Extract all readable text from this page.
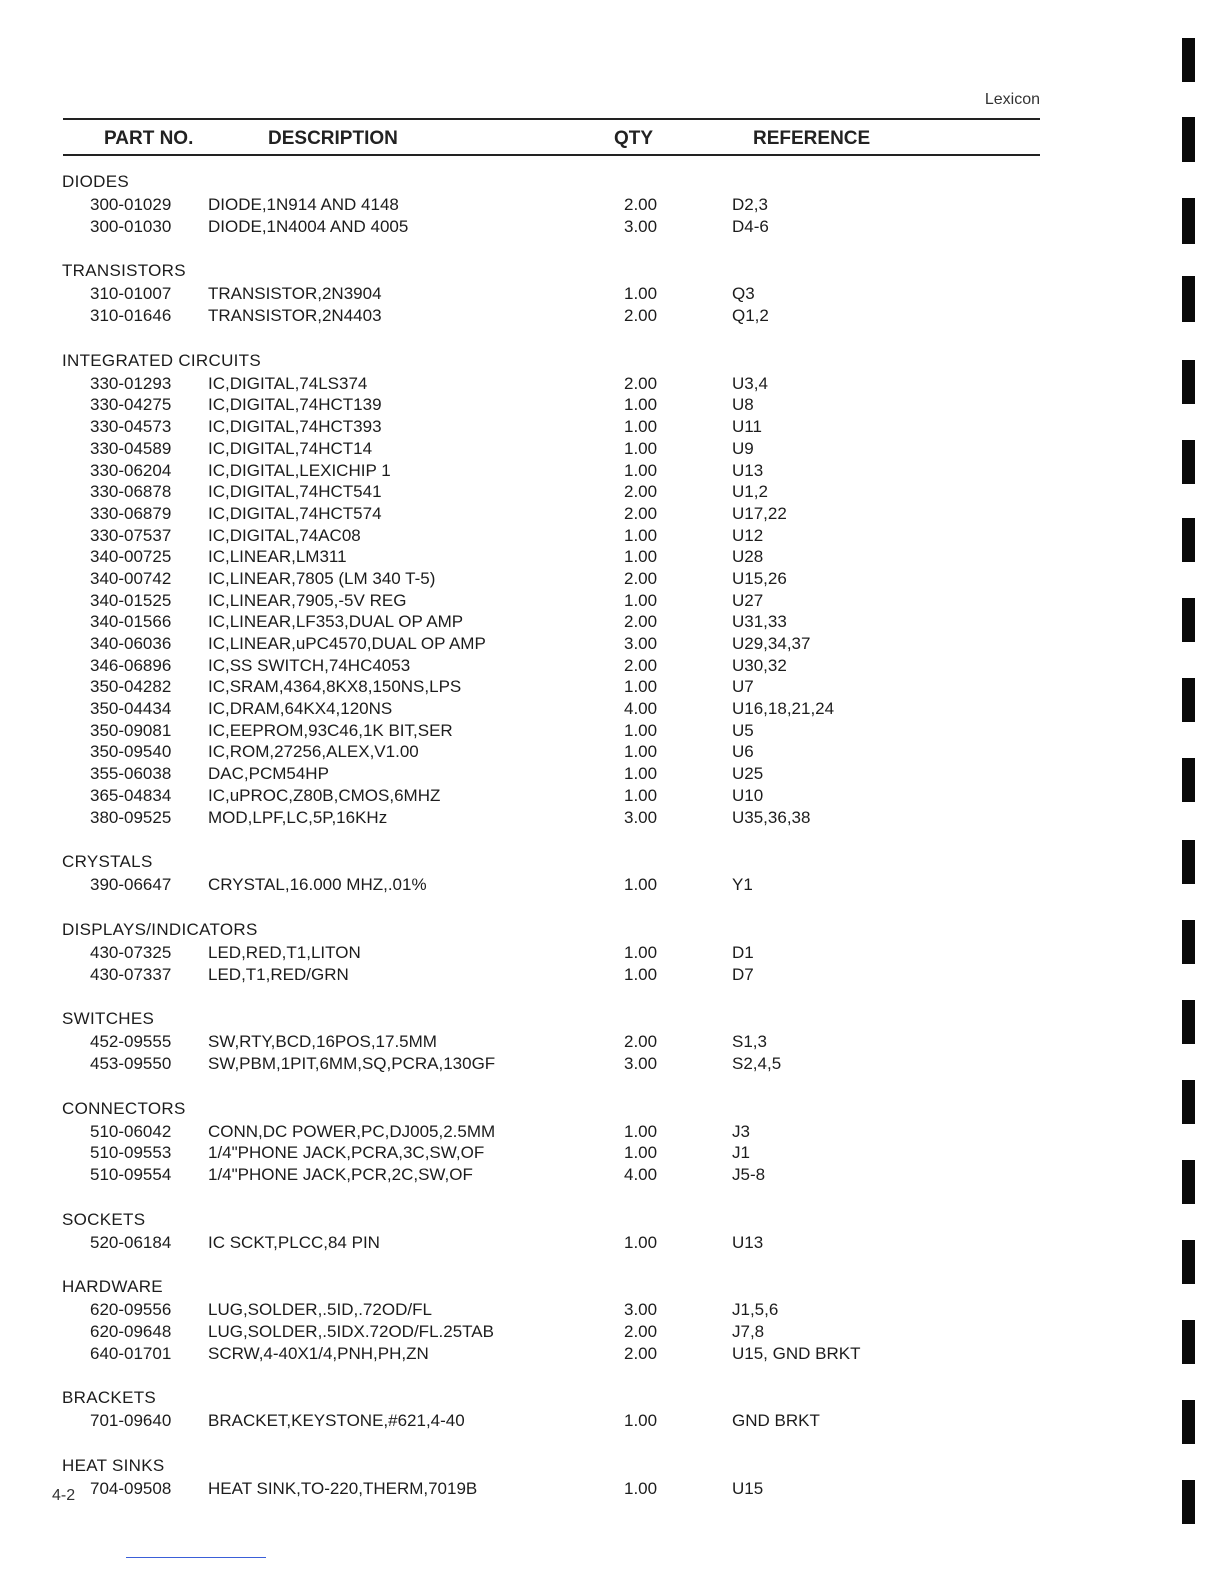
Lexicon
PART NO.	DESCRIPTION	QTY	REFERENCE
DIODES
300-01029 DIODE,1N914 AND 4148	2.00	D2,3
300-01030 DIODE,1N4004 AND 4005	3.00	D4-6
TRANSISTORS
310-01007 TRANSISTOR,2N3904	1.00	Q3
310-01646 TRANSISTOR,2N4403	2.00	Q1,2
INTEGRATED CIRCUITS
330-01293 IC,DIGITAL,74LS374	2.00	U3,4
330-04275 IC,DIGITAL,74HCT139	1.00	U8
330-04573 IC,DIGITAL,74HCT393	1.00	U11
330-04589 IC,DIGITAL,74HCT14	1.00	U9
330-06204 IC,DIGITAL,LEXICHIP 1	1.00	U13
330-06878 IC,DIGITAL,74HCT541	2.00	U1,2
330-06879 IC,DIGITAL,74HCT574	2.00	U17,22
330-07537 IC,DIGITAL,74AC08	1.00	U12
340-00725 IC,LINEAR,LM311	1.00	U28
340-00742 IC,LINEAR,7805 (LM 340 T-5)	2.00	U15,26
340-01525 IC,LINEAR,7905,-5V REG	1.00	U27
340-01566 IC,LINEAR,LF353,DUAL OP AMP	2.00	U31,33
340-06036 IC,LINEAR,uPC4570,DUAL OP AMP	3.00	U29,34,37
346-06896 IC,SS SWITCH,74HC4053	2.00	U30,32
350-04282 IC,SRAM,4364,8KX8,150NS,LPS	1.00	U7
350-04434 IC,DRAM,64KX4,120NS	4.00	U16,18,21,24
350-09081 IC,EEPROM,93C46,1K BIT,SER	1.00	U5
350-09540 IC,ROM,27256,ALEX,V1.00	1.00	U6
355-06038 DAC,PCM54HP	1.00	U25
365-04834 IC,uPROC,Z80B,CMOS,6MHZ	1.00	U10
380-09525 MOD,LPF,LC,5P,16KHz	3.00	U35,36,38
CRYSTALS
390-06647 CRYSTAL,16.000 MHZ,.01%	1.00	Y1
DISPLAYS/INDICATORS
430-07325 LED,RED,T1,LITON	1.00	D1
430-07337 LED,T1,RED/GRN	1.00	D7
SWITCHES
452-09555 SW,RTY,BCD,16POS,17.5MM	2.00	S1,3
453-09550 SW,PBM,1PIT,6MM,SQ,PCRA,130GF	3.00	S2,4,5
CONNECTORS
510-06042 CONN,DC POWER,PC,DJ005,2.5MM	1.00	J3
510-09553 1/4"PHONE JACK,PCRA,3C,SW,OF	1.00	J1
510-09554 1/4"PHONE JACK,PCR,2C,SW,OF	4.00	J5-8
SOCKETS
520-06184 IC SCKT,PLCC,84 PIN	1.00	U13
HARDWARE
620-09556 LUG,SOLDER,.5ID,.72OD/FL	3.00	J1,5,6
620-09648 LUG,SOLDER,.5IDX.72OD/FL.25TAB	2.00	J7,8
640-01701 SCRW,4-40X1/4,PNH,PH,ZN	2.00	U15, GND BRKT
BRACKETS
701-09640 BRACKET,KEYSTONE,#621,4-40	1.00	GND BRKT
HEAT SINKS
704-09508 HEAT SINK,TO-220,THERM,7019B	1.00	U15
4-2
